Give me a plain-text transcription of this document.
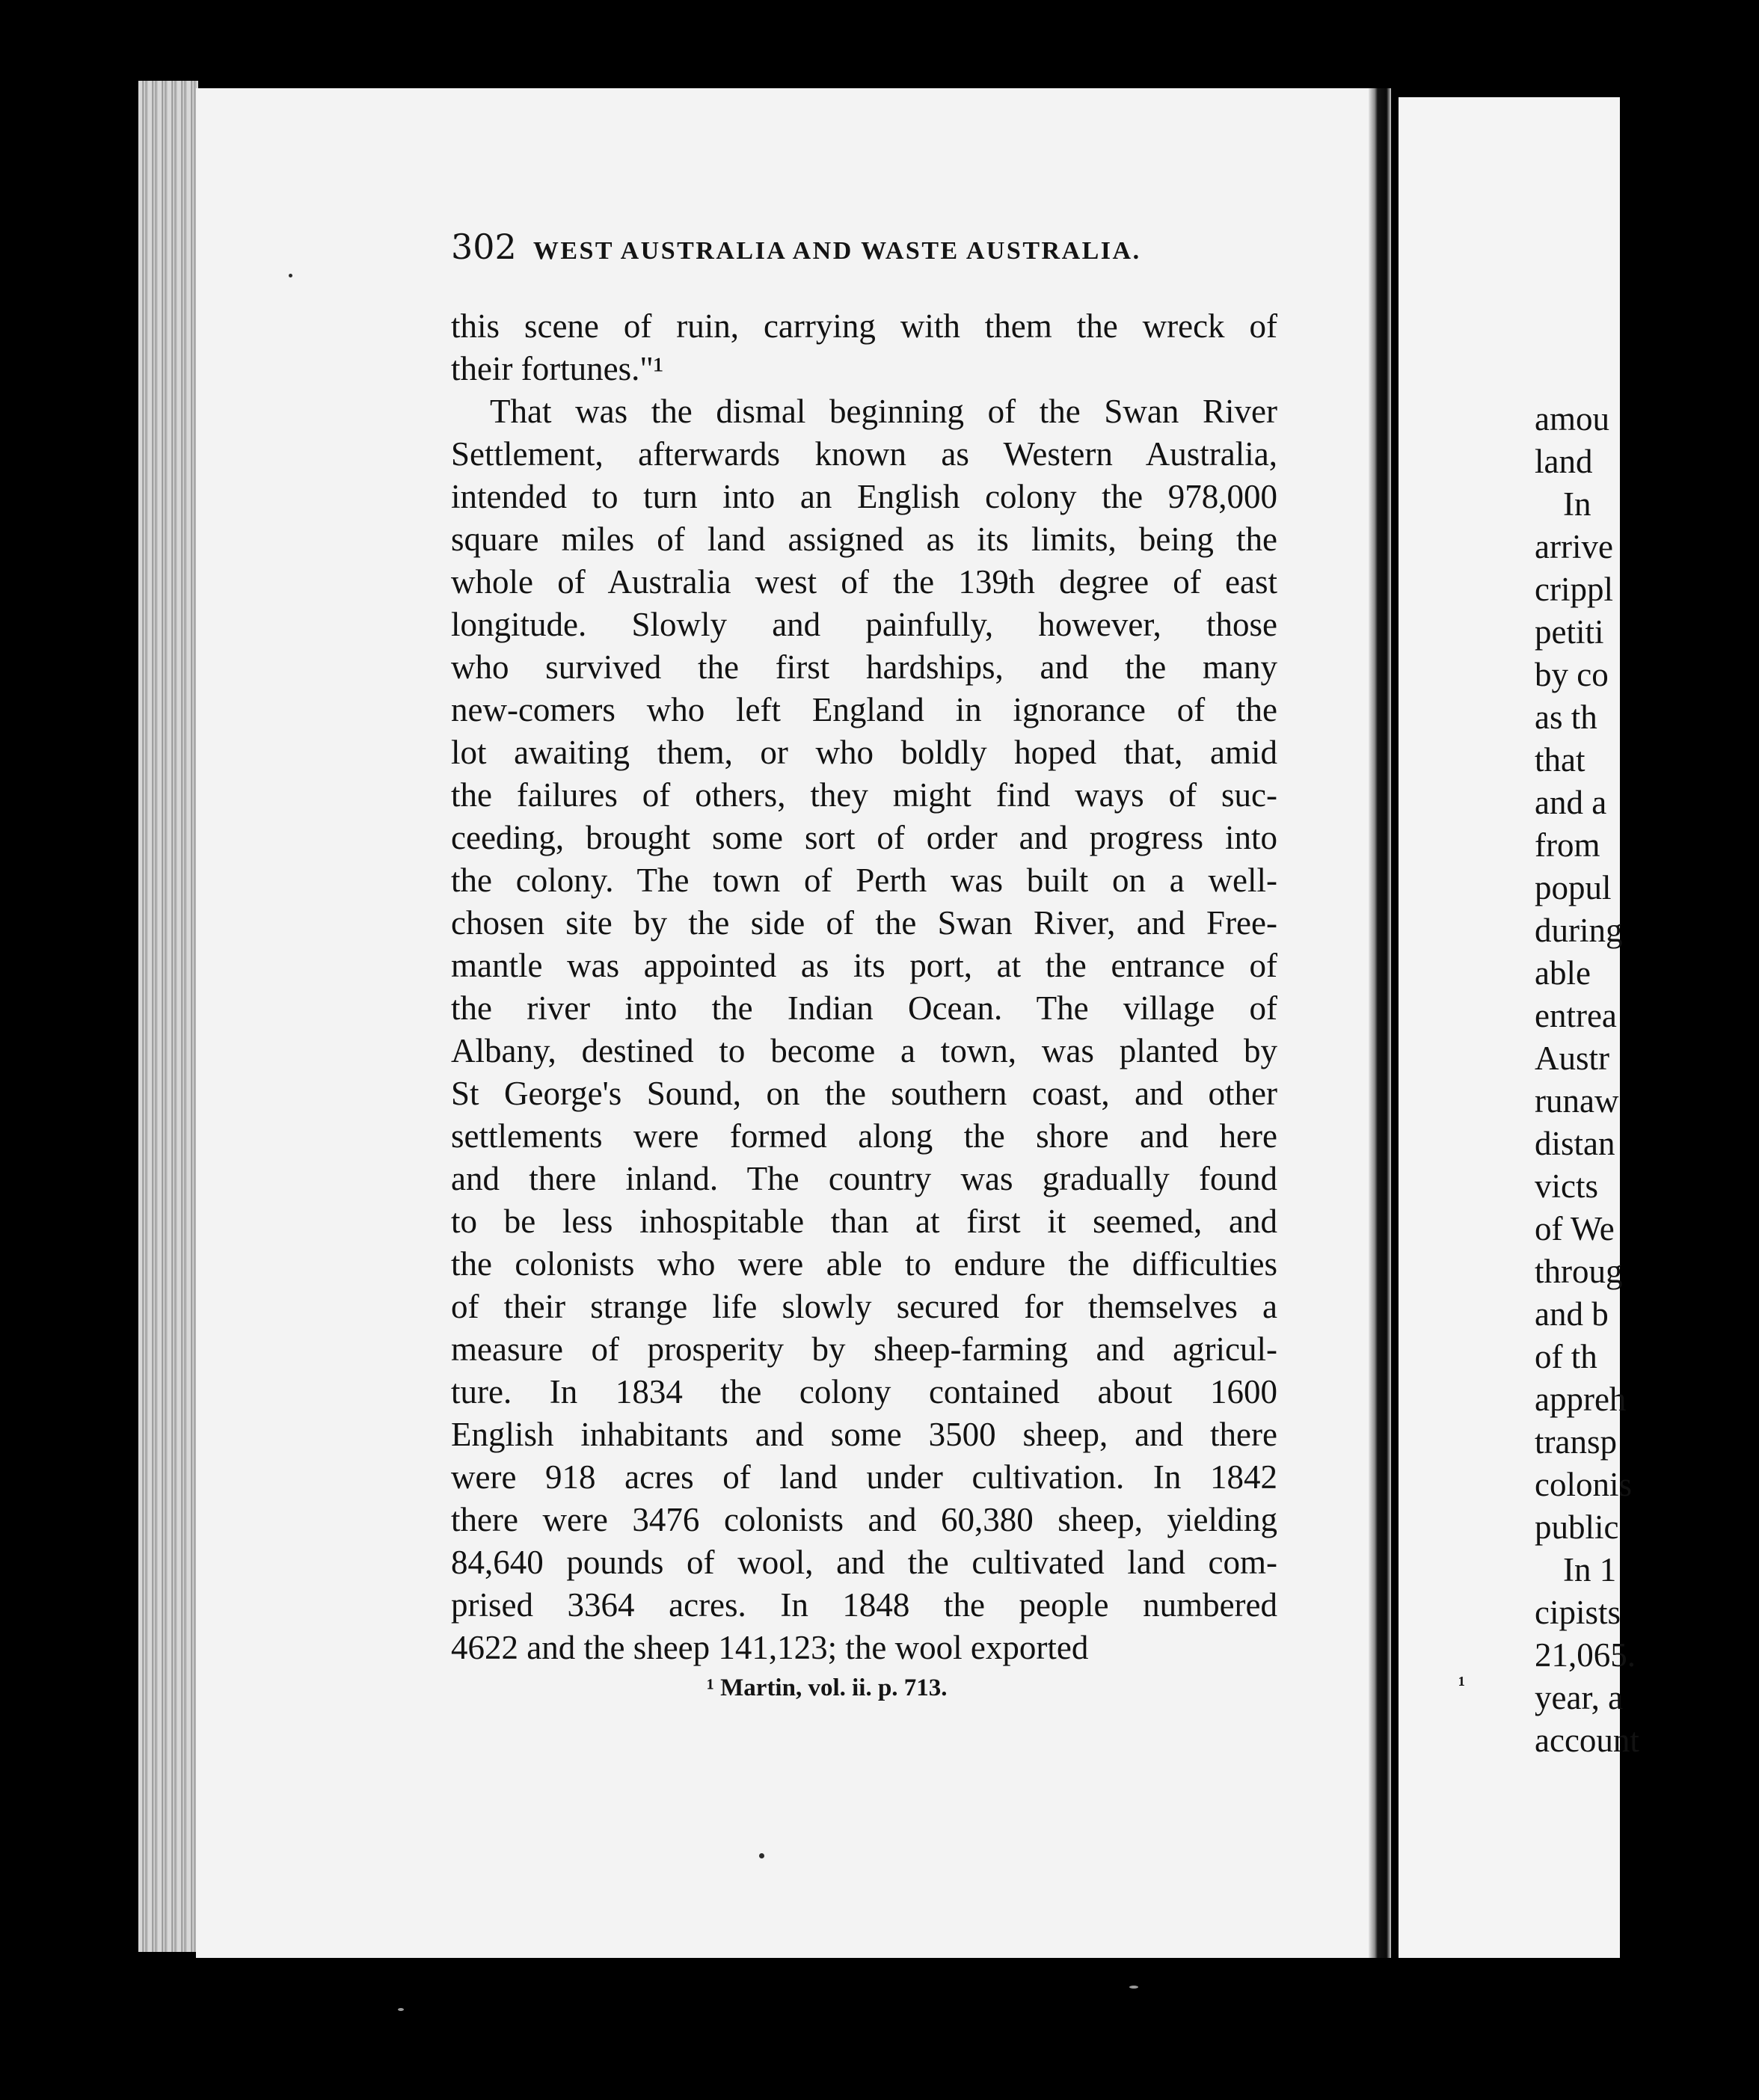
302 WEST AUSTRALIA AND WASTE AUSTRALIA.
this scene of ruin, carrying with them the wreck of
their fortunes."¹
That was the dismal beginning of the Swan River
Settlement, afterwards known as Western Australia,
intended to turn into an English colony the 978,000
square miles of land assigned as its limits, being the
whole of Australia west of the 139th degree of east
longitude. Slowly and painfully, however, those
who survived the first hardships, and the many
new-comers who left England in ignorance of the
lot awaiting them, or who boldly hoped that, amid
the failures of others, they might find ways of suc-
ceeding, brought some sort of order and progress into
the colony. The town of Perth was built on a well-
chosen site by the side of the Swan River, and Free-
mantle was appointed as its port, at the entrance of
the river into the Indian Ocean. The village of
Albany, destined to become a town, was planted by
St George's Sound, on the southern coast, and other
settlements were formed along the shore and here
and there inland. The country was gradually found
to be less inhospitable than at first it seemed, and
the colonists who were able to endure the difficulties
of their strange life slowly secured for themselves a
measure of prosperity by sheep-farming and agricul-
ture. In 1834 the colony contained about 1600
English inhabitants and some 3500 sheep, and there
were 918 acres of land under cultivation. In 1842
there were 3476 colonists and 60,380 sheep, yielding
84,640 pounds of wool, and the cultivated land com-
prised 3364 acres. In 1848 the people numbered
4622 and the sheep 141,123; the wool exported
¹ Martin, vol. ii. p. 713.
amou
land
In
arrive
crippl
petiti
by co
as th
that
and a
from
popul
during
able
entrea
Austr
runaw
distan
victs
of We
throug
and b
of th
appreh
transp
colonis
public
In 1
cipists
21,065.
year, a
account
¹
